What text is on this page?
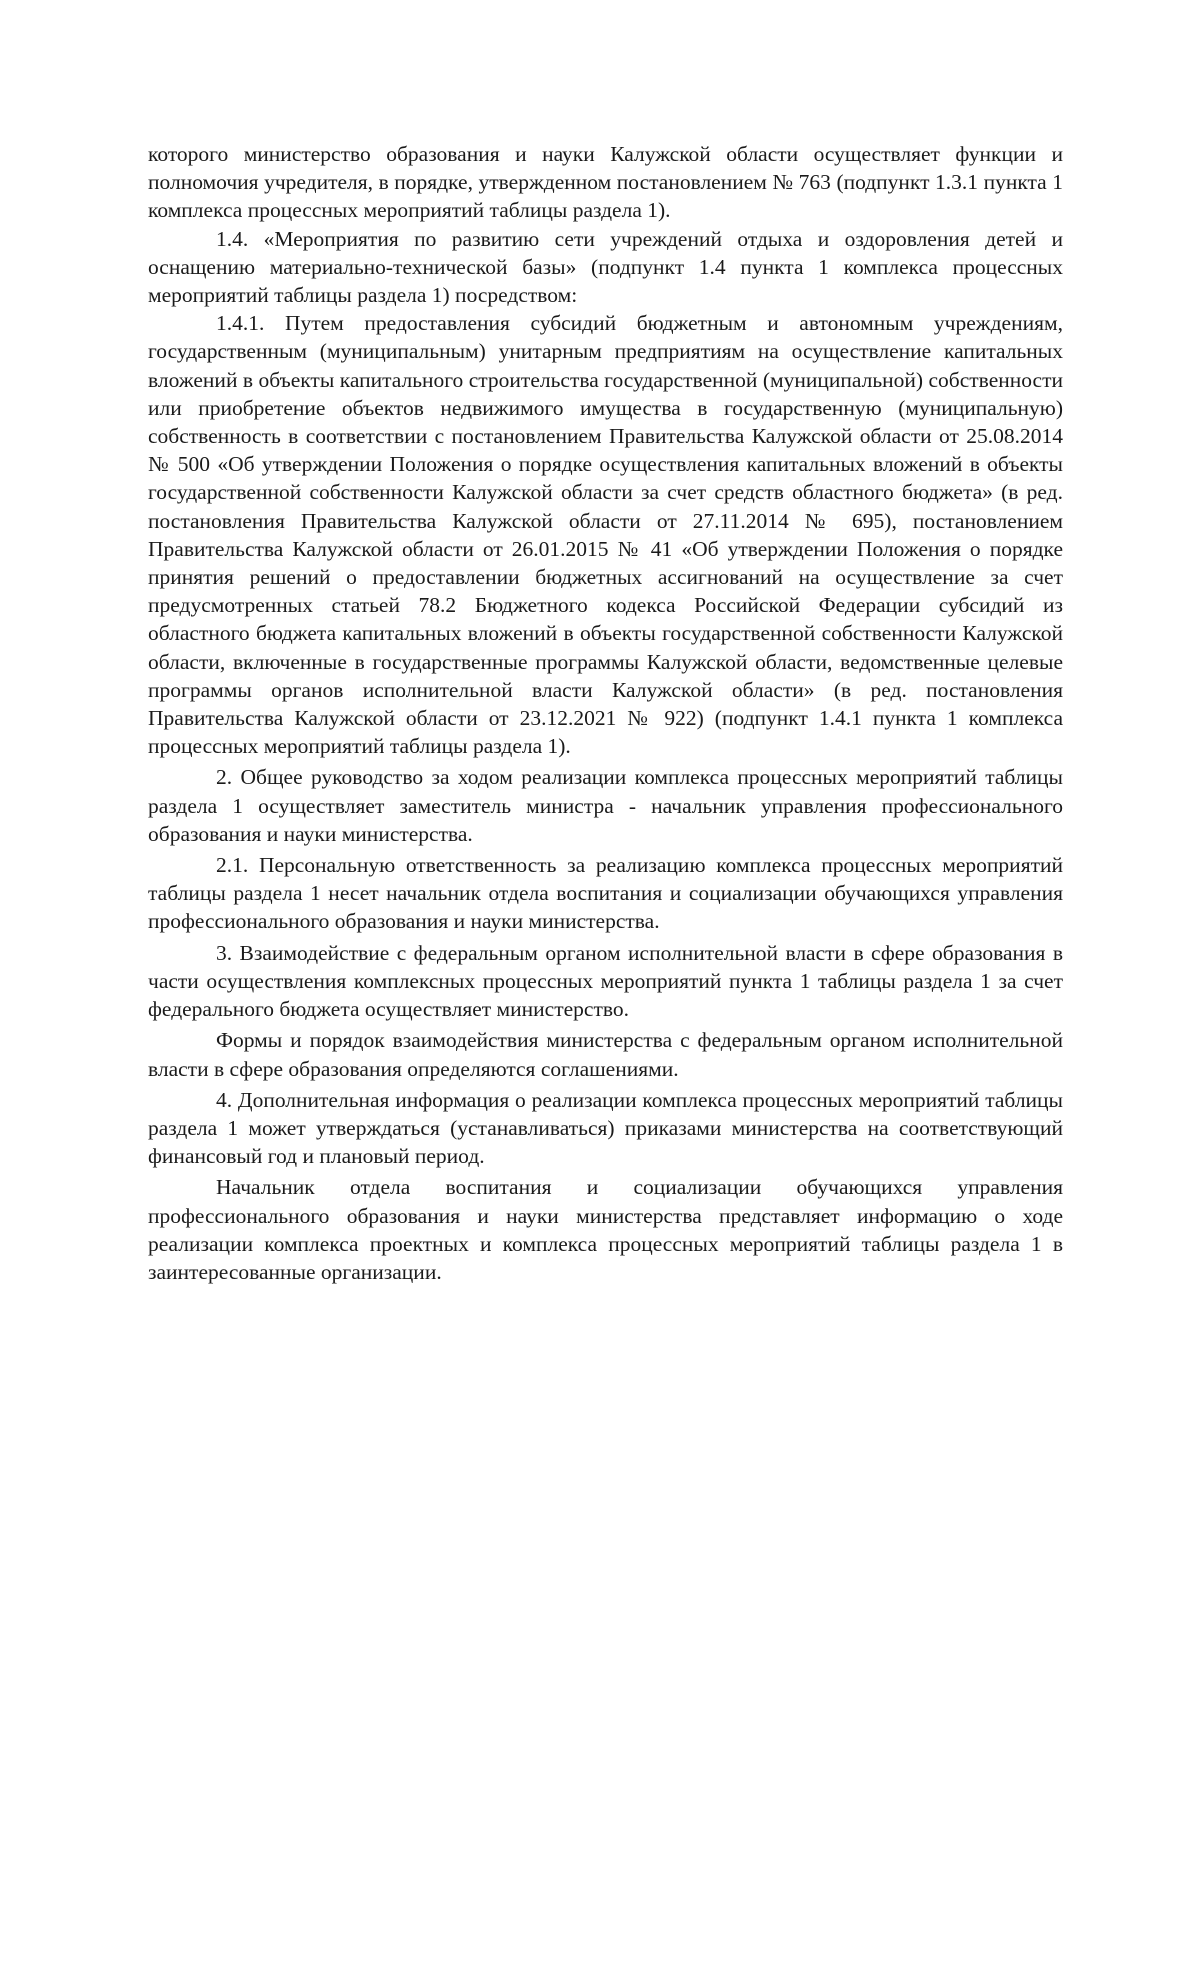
которого министерство образования и науки Калужской области осуществляет функции и полномочия учредителя, в порядке, утвержденном постановлением № 763 (подпункт 1.3.1 пункта 1 комплекса процессных мероприятий таблицы раздела 1).

1.4. «Мероприятия по развитию сети учреждений отдыха и оздоровления детей и оснащению материально-технической базы» (подпункт 1.4 пункта 1 комплекса процессных мероприятий таблицы раздела 1) посредством:

1.4.1. Путем предоставления субсидий бюджетным и автономным учреждениям, государственным (муниципальным) унитарным предприятиям на осуществление капитальных вложений в объекты капитального строительства государственной (муниципальной) собственности или приобретение объектов недвижимого имущества в государственную (муниципальную) собственность в соответствии с постановлением Правительства Калужской области от 25.08.2014 № 500 «Об утверждении Положения о порядке осуществления капитальных вложений в объекты государственной собственности Калужской области за счет средств областного бюджета» (в ред. постановления Правительства Калужской области от 27.11.2014 № 695), постановлением Правительства Калужской области от 26.01.2015 № 41 «Об утверждении Положения о порядке принятия решений о предоставлении бюджетных ассигнований на осуществление за счет предусмотренных статьей 78.2 Бюджетного кодекса Российской Федерации субсидий из областного бюджета капитальных вложений в объекты государственной собственности Калужской области, включенные в государственные программы Калужской области, ведомственные целевые программы органов исполнительной власти Калужской области» (в ред. постановления Правительства Калужской области от 23.12.2021 № 922) (подпункт 1.4.1 пункта 1 комплекса процессных мероприятий таблицы раздела 1).

2. Общее руководство за ходом реализации комплекса процессных мероприятий таблицы раздела 1 осуществляет заместитель министра - начальник управления профессионального образования и науки министерства.

2.1. Персональную ответственность за реализацию комплекса процессных мероприятий таблицы раздела 1 несет начальник отдела воспитания и социализации обучающихся управления профессионального образования и науки министерства.

3. Взаимодействие с федеральным органом исполнительной власти в сфере образования в части осуществления комплексных процессных мероприятий пункта 1 таблицы раздела 1 за счет федерального бюджета осуществляет министерство.

Формы и порядок взаимодействия министерства с федеральным органом исполнительной власти в сфере образования определяются соглашениями.

4. Дополнительная информация о реализации комплекса процессных мероприятий таблицы раздела 1 может утверждаться (устанавливаться) приказами министерства на соответствующий финансовый год и плановый период.

Начальник отдела воспитания и социализации обучающихся управления профессионального образования и науки министерства представляет информацию о ходе реализации комплекса проектных и комплекса процессных мероприятий таблицы раздела 1 в заинтересованные организации.
